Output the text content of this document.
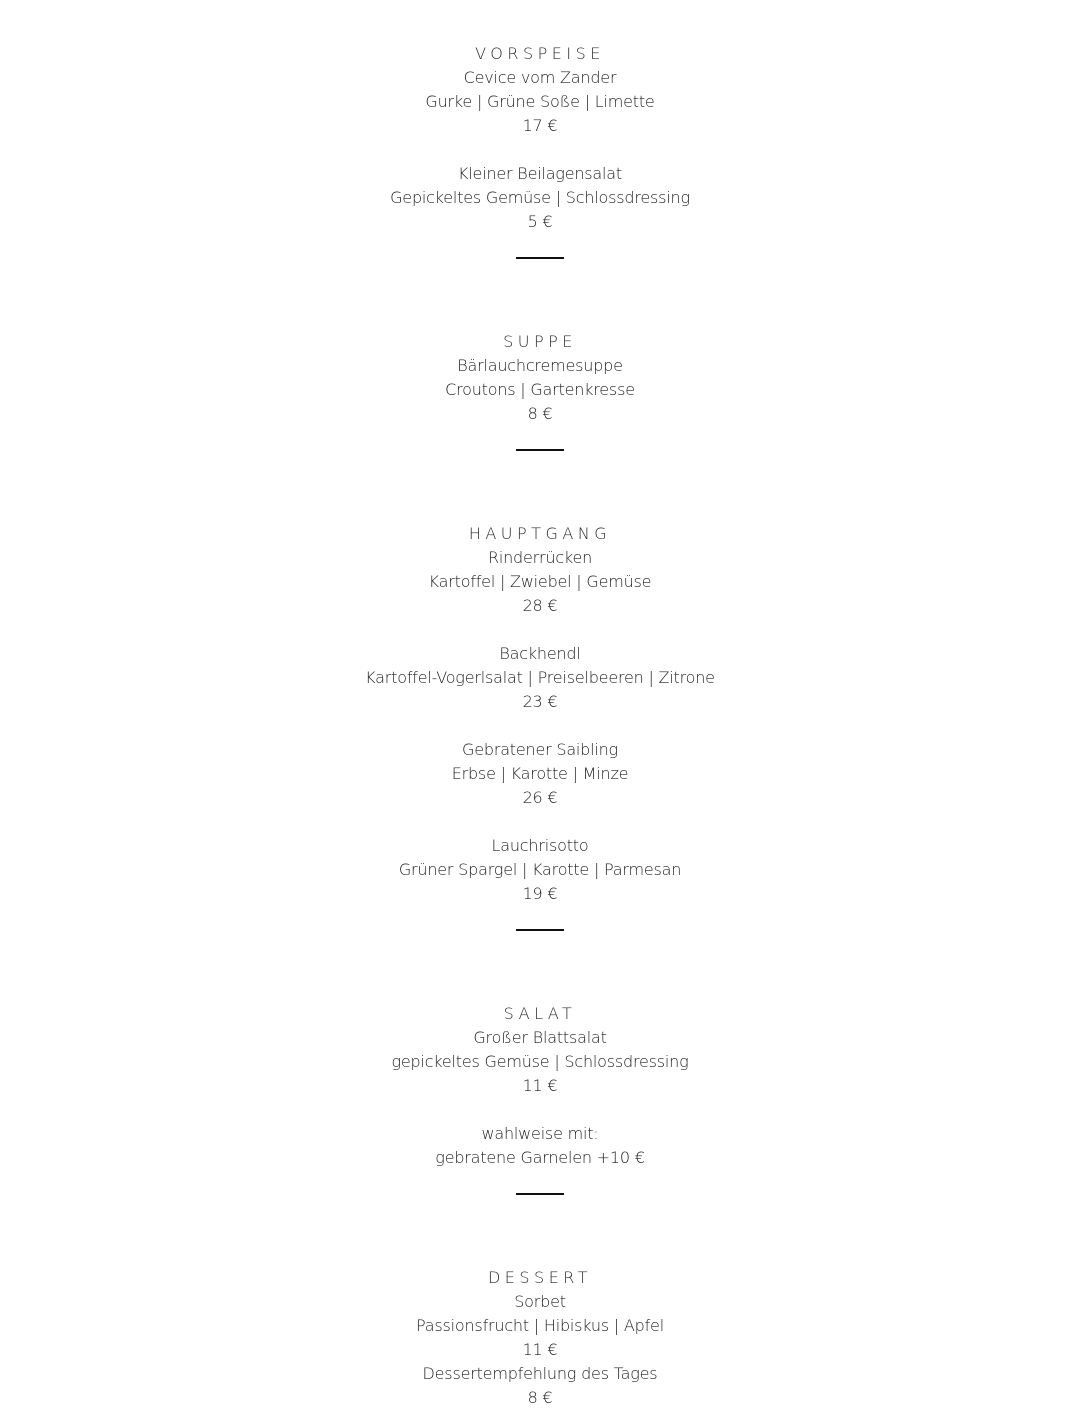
VORSPEISE
Cevice vom Zander
Gurke | Grüne Soße | Limette
17 €
Kleiner Beilagensalat
Gepickeltes Gemüse | Schlossdressing
5 €
SUPPE
Bärlauchcremesuppe
Croutons | Gartenkresse
8 €
HAUPTGANG
Rinderrücken
Kartoffel | Zwiebel | Gemüse
28 €
Backhendl
Kartoffel-Vogerlsalat | Preiselbeeren | Zitrone
23 €
Gebratener Saibling
Erbse | Karotte | Minze
26 €
Lauchrisotto
Grüner Spargel | Karotte | Parmesan
19 €
SALAT
Großer Blattsalat
gepickeltes Gemüse | Schlossdressing
11 €
wahlweise mit:
gebratene Garnelen +10 €
DESSERT
Sorbet
Passionsfrucht | Hibiskus | Apfel
11 €
Dessertempfehlung des Tages
8 €
